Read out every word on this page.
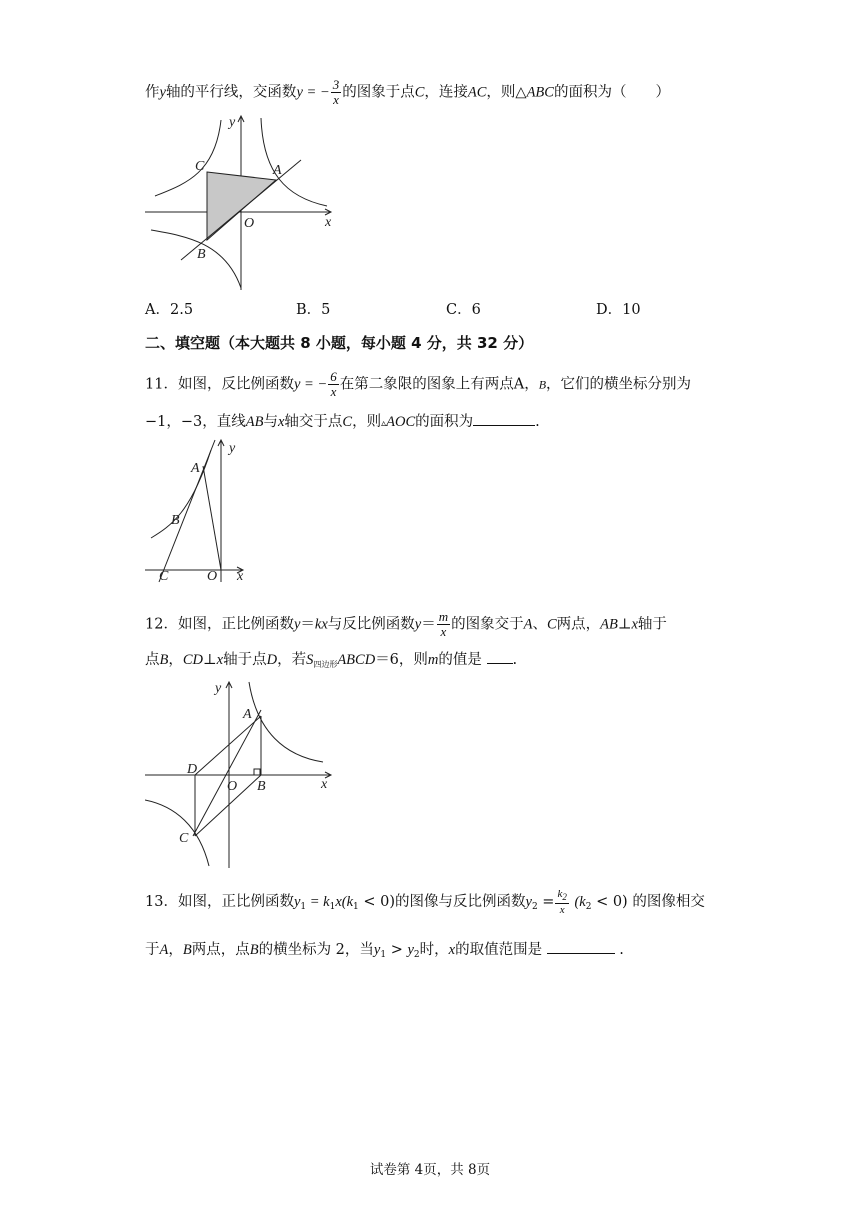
作y轴的平行线，交函数y = − $\frac{3}{x}$ 的图象于点C，连接AC，则△ABC的面积为（　　）
y
x
O
A
B
C
A．2.5	B．5	C．6	D．10
二、填空题（本大题共 8 小题，每小题 4 分，共 32 分）
11．如图，反比例函数y = − $\frac{6}{x}$ 在第二象限的图象上有两点A，B，它们的横坐标分别为
−1，−3，直线AB与x轴交于点C，则▵AOC的面积为	.
A
y
B
C	O x
12．如图，正比例函数y＝kx与反比例函数$y= \frac{m}{x}$ 的图象交于A、C两点，AB⊥x轴于
点B，CD⊥x轴于点D，若$S_{四边形}ABCD=6$，则m的值是 .
y
A
D
O B	x
C
13．如图，正比例函数$y_1 = k_1x(k_1 < 0)$的图像与反比例函数$y_2 = \frac{k_2}{x} (k_2 < 0)$ 的图像相交
于A，B两点，点B的横坐标为 2，当$y_1 > y_2$时，x的取值范围是	.
试卷第 4页，共 8页
